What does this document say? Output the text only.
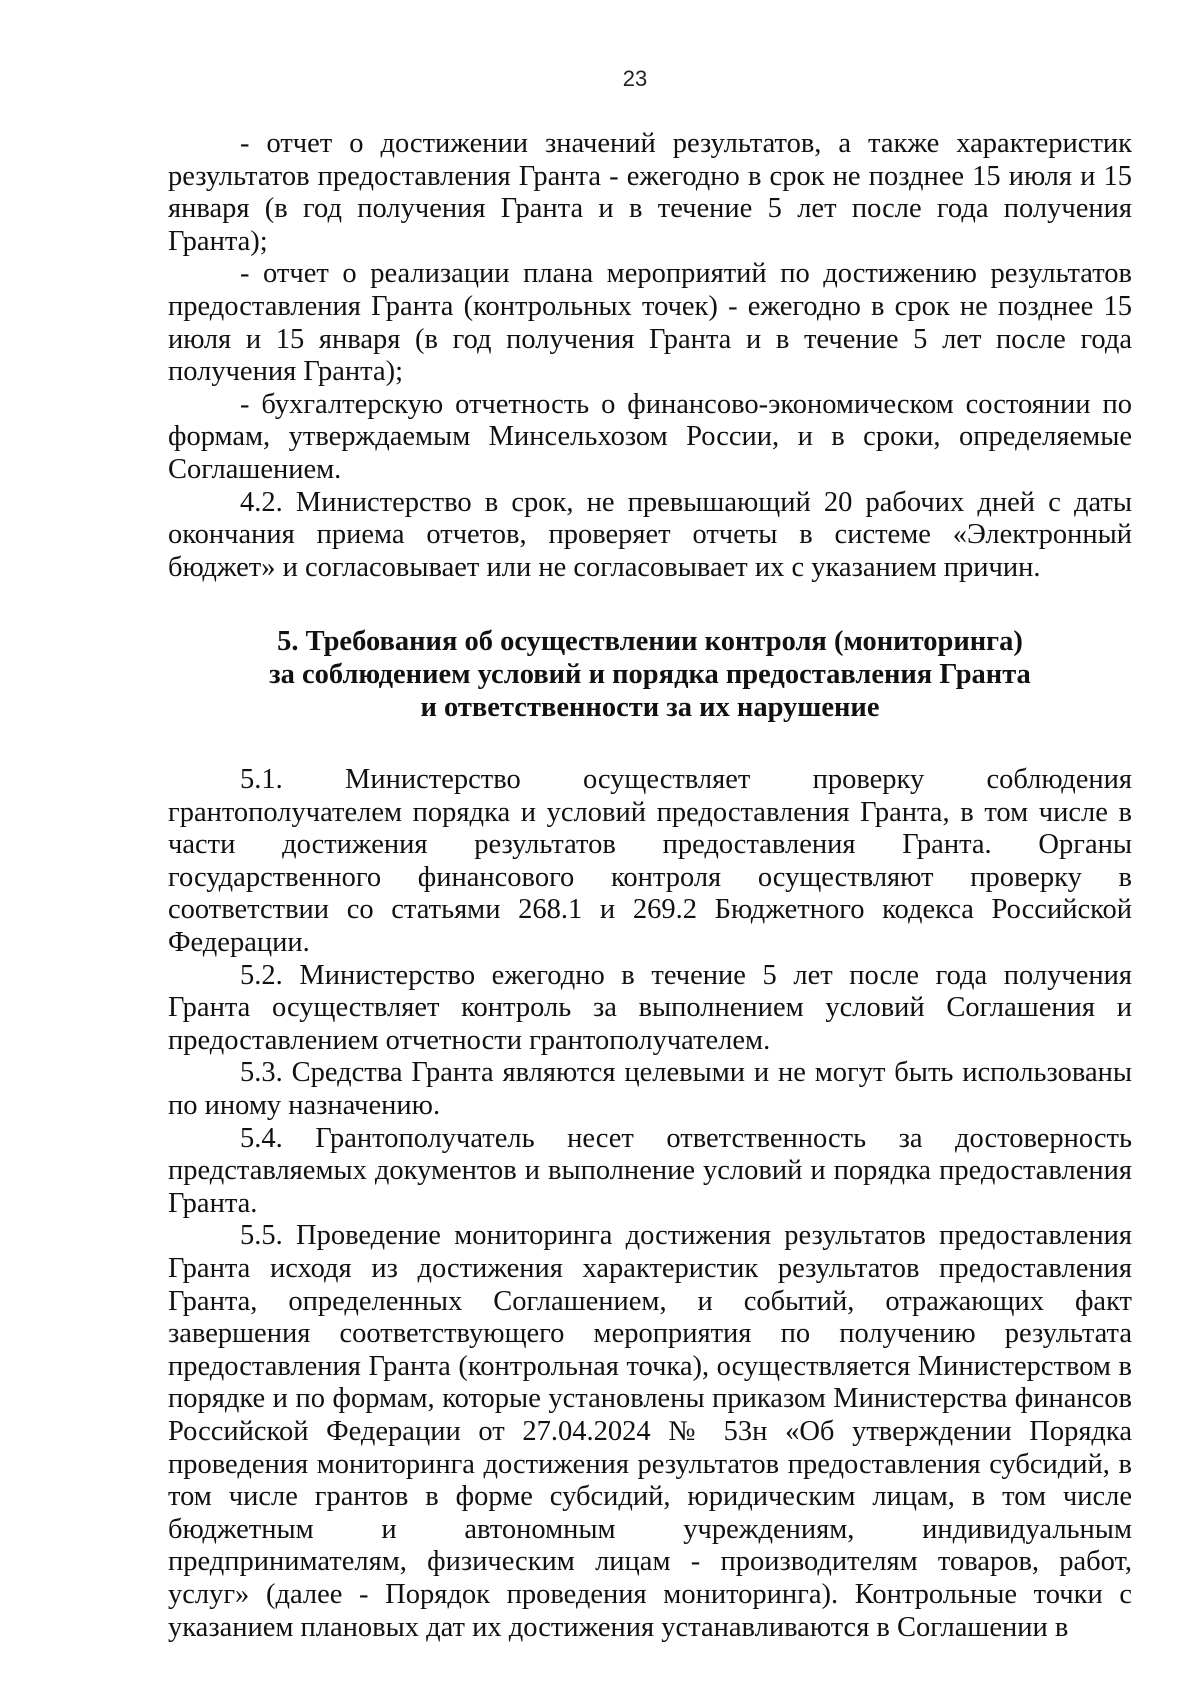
23

- отчет о достижении значений результатов, а также характеристик результатов предоставления Гранта - ежегодно в срок не позднее 15 июля и 15 января (в год получения Гранта и в течение 5 лет после года получения Гранта);

- отчет о реализации плана мероприятий по достижению результатов предоставления Гранта (контрольных точек) - ежегодно в срок не позднее 15 июля и 15 января (в год получения Гранта и в течение 5 лет после года получения Гранта);

- бухгалтерскую отчетность о финансово-экономическом состоянии по формам, утверждаемым Минсельхозом России, и в сроки, определяемые Соглашением.

4.2. Министерство в срок, не превышающий 20 рабочих дней с даты окончания приема отчетов, проверяет отчеты в системе «Электронный бюджет» и согласовывает или не согласовывает их с указанием причин.

5. Требования об осуществлении контроля (мониторинга)
за соблюдением условий и порядка предоставления Гранта
и ответственности за их нарушение

5.1. Министерство осуществляет проверку соблюдения грантополучателем порядка и условий предоставления Гранта, в том числе в части достижения результатов предоставления Гранта. Органы государственного финансового контроля осуществляют проверку в соответствии со статьями 268.1 и 269.2 Бюджетного кодекса Российской Федерации.

5.2. Министерство ежегодно в течение 5 лет после года получения Гранта осуществляет контроль за выполнением условий Соглашения и предоставлением отчетности грантополучателем.

5.3. Средства Гранта являются целевыми и не могут быть использованы по иному назначению.

5.4. Грантополучатель несет ответственность за достоверность представляемых документов и выполнение условий и порядка предоставления Гранта.

5.5. Проведение мониторинга достижения результатов предоставления Гранта исходя из достижения характеристик результатов предоставления Гранта, определенных Соглашением, и событий, отражающих факт завершения соответствующего мероприятия по получению результата предоставления Гранта (контрольная точка), осуществляется Министерством в порядке и по формам, которые установлены приказом Министерства финансов Российской Федерации от 27.04.2024 № 53н «Об утверждении Порядка проведения мониторинга достижения результатов предоставления субсидий, в том числе грантов в форме субсидий, юридическим лицам, в том числе бюджетным и автономным учреждениям, индивидуальным предпринимателям, физическим лицам - производителям товаров, работ, услуг» (далее - Порядок проведения мониторинга). Контрольные точки с указанием плановых дат их достижения устанавливаются в Соглашении в
